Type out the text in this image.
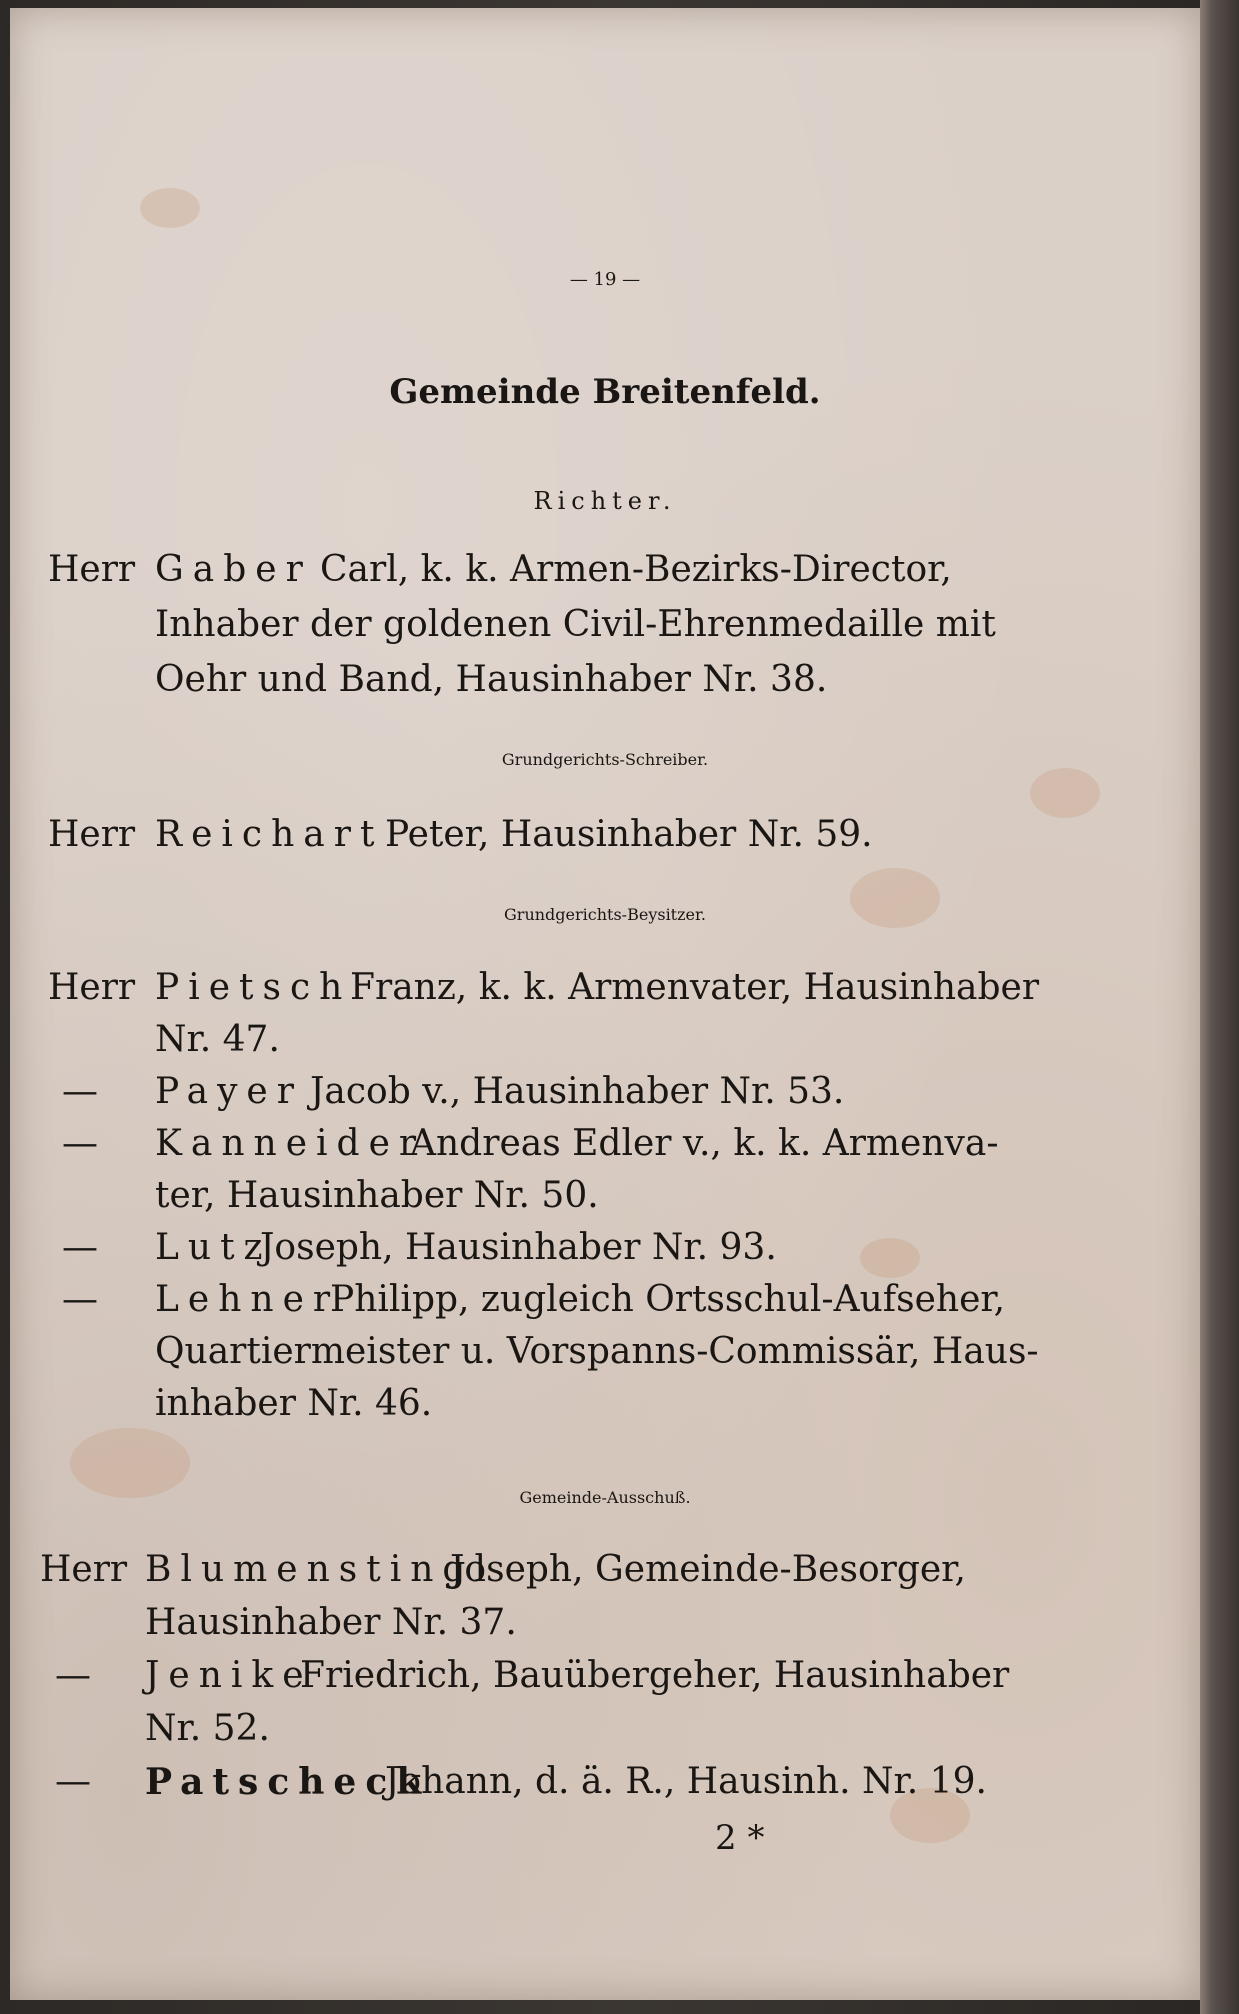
— 19 —
Gemeinde Breitenfeld.
Richter.
Herr Gaber Carl, k. k. Armen-Bezirks-Director,
Inhaber der goldenen Civil-Ehrenmedaille mit
Oehr und Band, Hausinhaber Nr. 38.
Grundgerichts-Schreiber.
Herr Reichart Peter, Hausinhaber Nr. 59.
Grundgerichts-Beysitzer.
Herr Pietsch
Franz, k. k. Armenvater, Hausinhaber
Nr. 47.
— Payer Jacob v., Hausinhaber Nr. 53.
— Kanneider
Andreas Edler v., k. k. Armenva-
ter, Hausinhaber Nr. 50.
— Lutz
Joseph, Hausinhaber Nr. 93.
— Lehner
Philipp, zugleich Ortsschul-Aufseher,
Quartiermeister u. Vorspanns-Commissär, Haus-
inhaber Nr. 46.
Gemeinde-Ausschuß.
Herr Blumenstingl
Joseph, Gemeinde-Besorger,
Hausinhaber Nr. 37.
— Jenike
Friedrich, Bauübergeher, Hausinhaber
Nr. 52.
— Patscheck
Johann, d. ä. R., Hausinh. Nr. 19.
2 *
